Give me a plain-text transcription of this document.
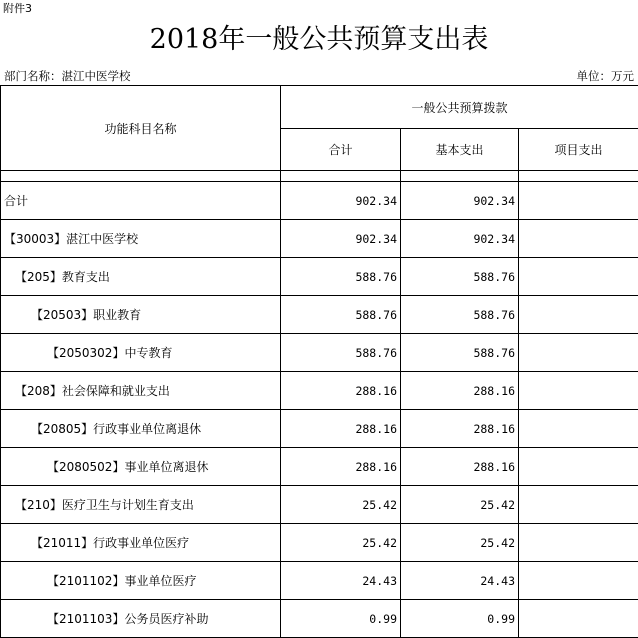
附件3
2018年一般公共预算支出表
部门名称：湛江中医学校	单位：万元
功能科目名称	一般公共预算拨款		
	合计	基本支出	项目支出

合计	902.34	902.34	
【30003】湛江中医学校	902.34	902.34	
【205】教育支出	588.76	588.76	
【20503】职业教育	588.76	588.76	
【2050302】中专教育	588.76	588.76	
【208】社会保障和就业支出	288.16	288.16	
【20805】行政事业单位离退休	288.16	288.16	
【2080502】事业单位离退休	288.16	288.16	
【210】医疗卫生与计划生育支出	25.42	25.42	
【21011】行政事业单位医疗	25.42	25.42	
【2101102】事业单位医疗	24.43	24.43	
【2101103】公务员医疗补助	0.99	0.99	
